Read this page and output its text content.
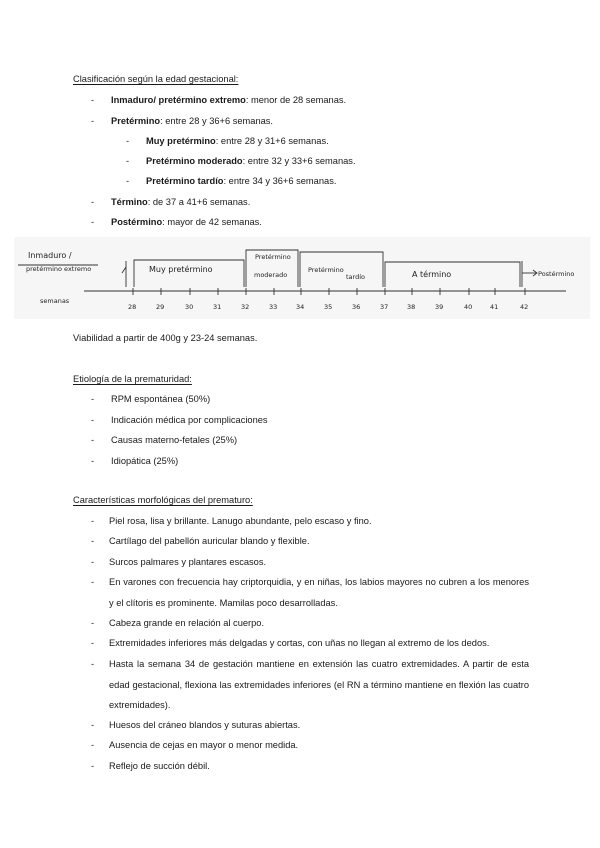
Clasificación según la edad gestacional:
- Inmaduro/ pretérmino extremo: menor de 28 semanas.
- Pretérmino: entre 28 y 36+6 semanas.
- Muy pretérmino: entre 28 y 31+6 semanas.
- Pretérmino moderado: entre 32 y 33+6 semanas.
- Pretérmino tardío: entre 34 y 36+6 semanas.
- Término: de 37 a 41+6 semanas.
- Postérmino: mayor de 42 semanas.
Inmaduro /
pretérmino extremo	Muy pretérmino
Pretérmino
moderado
Pretérmino
tardío	A término	Postérmino
semanas
28	29	30	31	32	33	34	35	36	37	38	39	40	41	42
Viabilidad a partir de 400g y 23-24 semanas.
Etiología de la prematuridad:
- RPM espontánea (50%)
- Indicación médica por complicaciones
- Causas materno-fetales (25%)
- Idiopática (25%)
Características morfológicas del prematuro:
- Piel rosa, lisa y brillante. Lanugo abundante, pelo escaso y fino.
- Cartílago del pabellón auricular blando y flexible.
- Surcos palmares y plantares escasos.
- En varones con frecuencia hay criptorquidia, y en niñas, los labios mayores no cubren a los menores y el clítoris es prominente. Mamilas poco desarrolladas.
- Cabeza grande en relación al cuerpo.
- Extremidades inferiores más delgadas y cortas, con uñas no llegan al extremo de los dedos.
- Hasta la semana 34 de gestación mantiene en extensión las cuatro extremidades. A partir de esta edad gestacional, flexiona las extremidades inferiores (el RN a término mantiene en flexión las cuatro extremidades).
- Huesos del cráneo blandos y suturas abiertas.
- Ausencia de cejas en mayor o menor medida.
- Reflejo de succión débil.
